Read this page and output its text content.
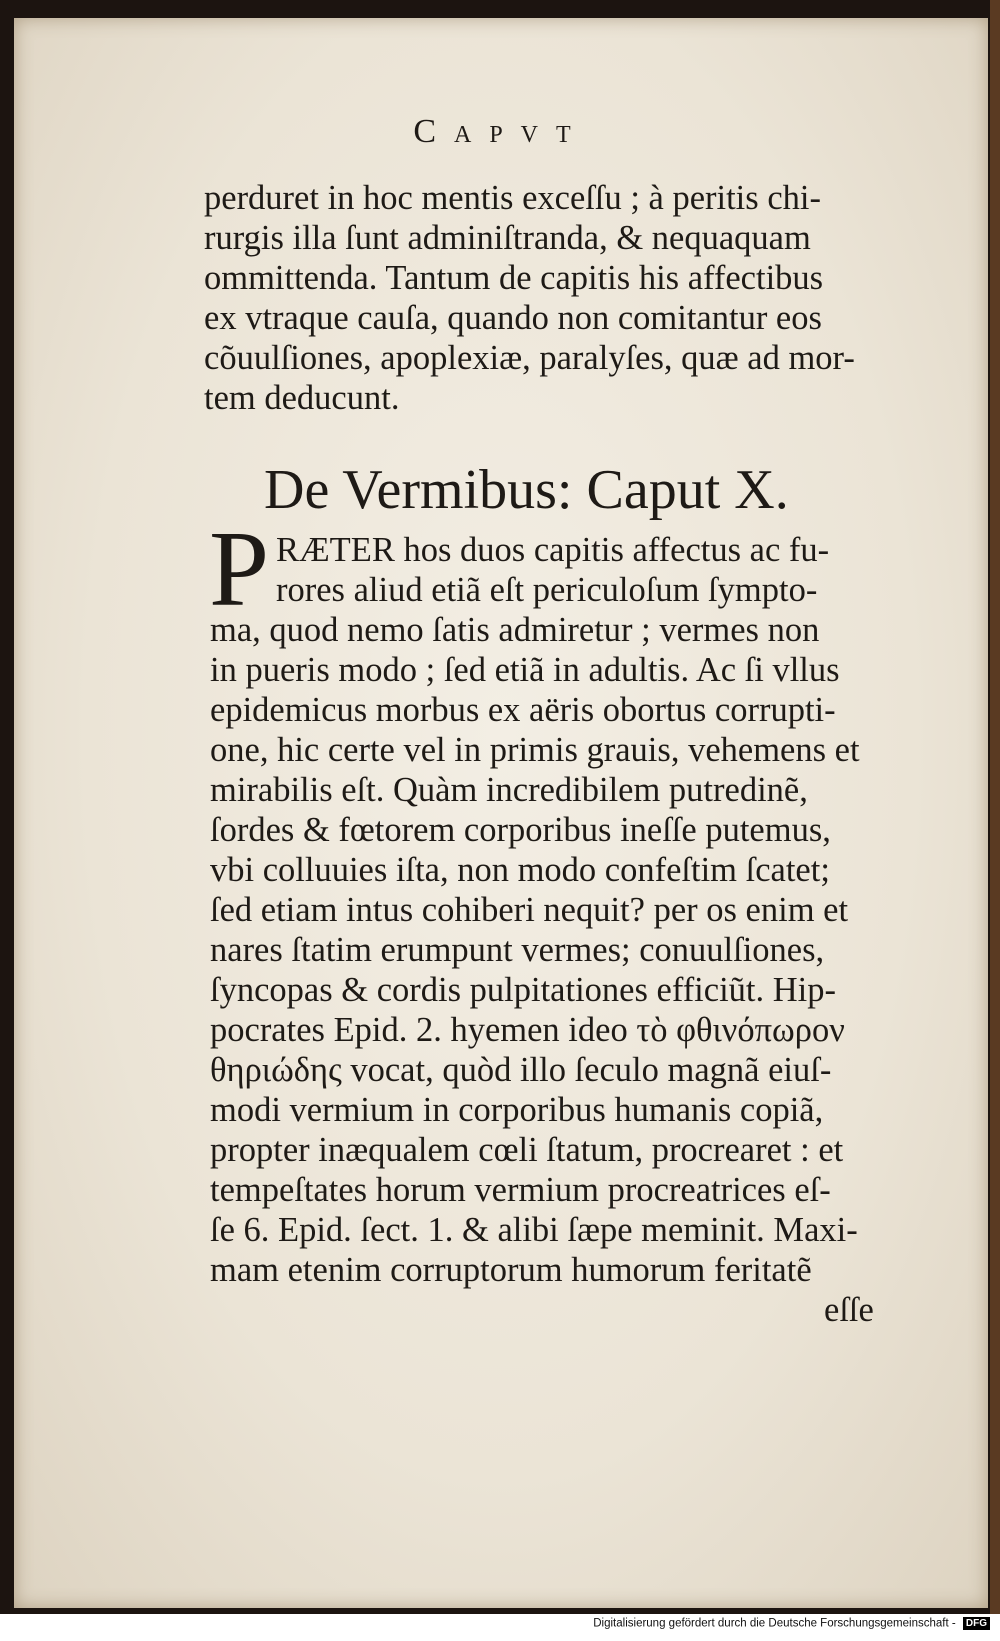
Capvt
perduret in hoc mentis exceſſu ; à peritis chi-
rurgis illa ſunt adminiſtranda, & nequaquam
ommittenda. Tantum de capitis his affectibus
ex vtraque cauſa, quando non comitantur eos
cõuulſiones, apoplexiæ, paralyſes, quæ ad mor-
tem deducunt.
De Vermibus: Caput X.
P RÆTER hos duos capitis affectus ac fu-
rores aliud etiã eſt periculoſum ſympto-
ma, quod nemo ſatis admiretur ; vermes non
in pueris modo ; ſed etiã in adultis. Ac ſi vllus
epidemicus morbus ex aëris obortus corrupti-
one, hic certe vel in primis grauis, vehemens et
mirabilis eſt. Quàm incredibilem putredinẽ,
ſordes & fœtorem corporibus ineſſe putemus,
vbi colluuies iſta, non modo confeſtim ſcatet;
ſed etiam intus cohiberi nequit? per os enim et
nares ſtatim erumpunt vermes; conuulſiones,
ſyncopas & cordis pulpitationes efficiũt. Hip-
pocrates Epid. 2. hyemen ideo τὸ φθινόπωρον
θηριώδης vocat, quòd illo ſeculo magnã eiuſ-
modi vermium in corporibus humanis copiã,
propter inæqualem cœli ſtatum, procrearet : et
tempeſtates horum vermium procreatrices eſ-
ſe 6. Epid. ſect. 1. & alibi ſæpe meminit. Maxi-
mam etenim corruptorum humorum feritatẽ
eſſe
Digitalisierung gefördert durch die Deutsche Forschungsgemeinschaft - DFG
